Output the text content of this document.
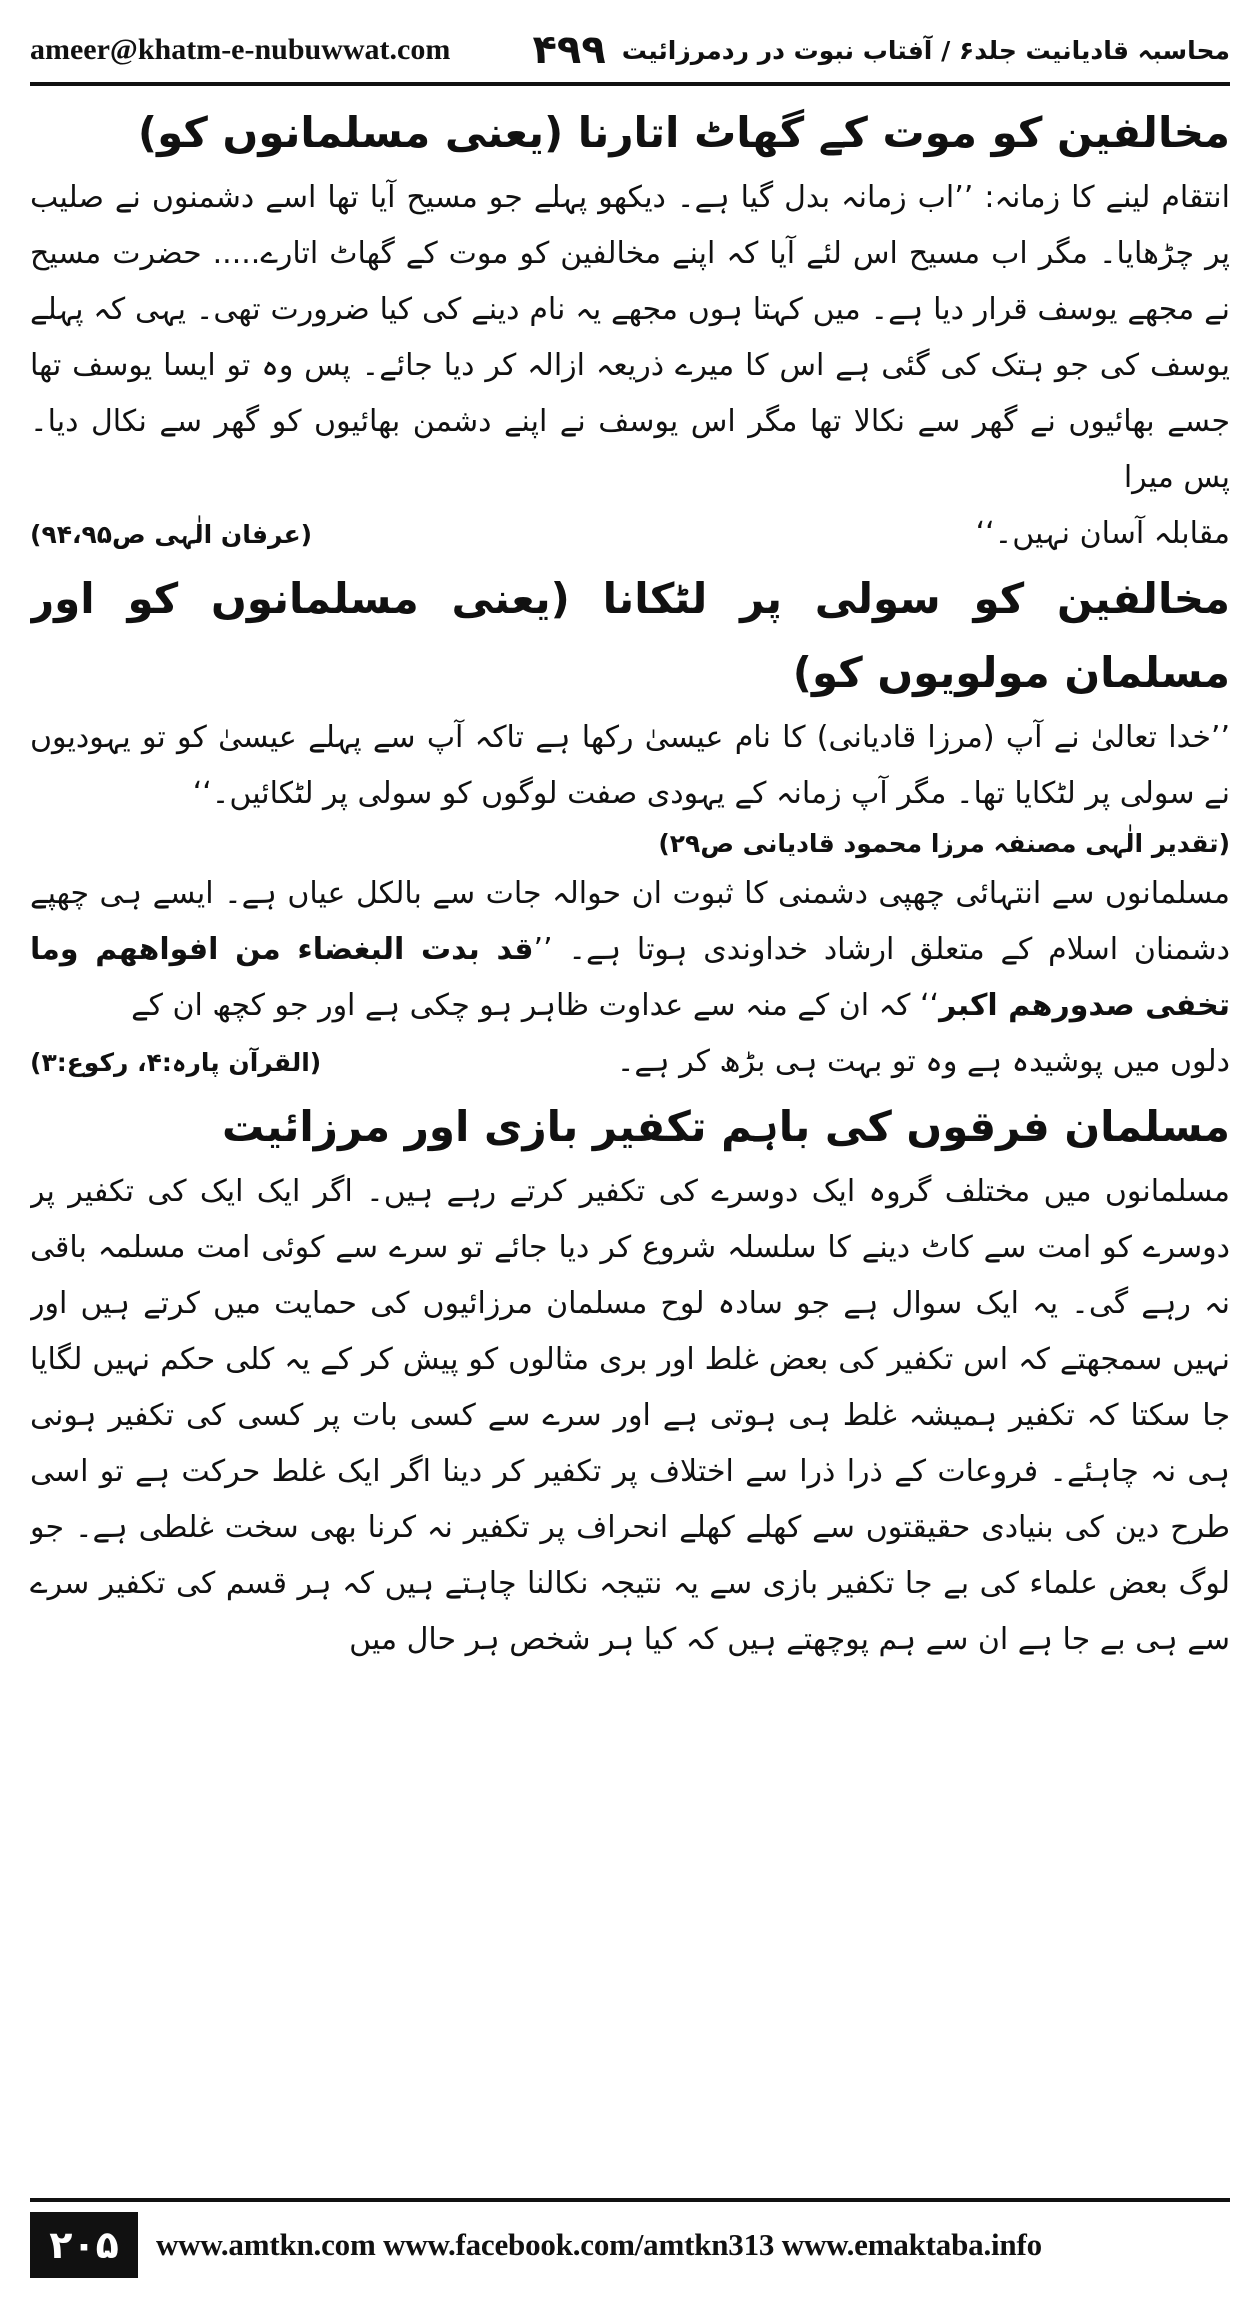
ameer@khatm-e-nubuwwat.com ۴۹۹ محاسبہ قادیانیت جلد۶ / آفتاب نبوت در ردمرزائیت
مخالفین کو موت کے گھاٹ اتارنا (یعنی مسلمانوں کو)

انتقام لینے کا زمانہ: ’’اب زمانہ بدل گیا ہے۔ دیکھو پہلے جو مسیح آیا تھا اسے دشمنوں نے صلیب پر چڑھایا۔ مگر اب مسیح اس لئے آیا کہ اپنے مخالفین کو موت کے گھاٹ اتارے..... حضرت مسیح نے مجھے یوسف قرار دیا ہے۔ میں کہتا ہوں مجھے یہ نام دینے کی کیا ضرورت تھی۔ یہی کہ پہلے یوسف کی جو ہتک کی گئی ہے اس کا میرے ذریعہ ازالہ کر دیا جائے۔ پس وہ تو ایسا یوسف تھا جسے بھائیوں نے گھر سے نکالا تھا مگر اس یوسف نے اپنے دشمن بھائیوں کو گھر سے نکال دیا۔ پس میرا

مقابلہ آسان نہیں۔‘‘
(عرفان الٰہی ص۹۴،۹۵)
مخالفین کو سولی پر لٹکانا (یعنی مسلمانوں کو اور مسلمان مولویوں کو)

’’خدا تعالیٰ نے آپ (مرزا قادیانی) کا نام عیسیٰ رکھا ہے تاکہ آپ سے پہلے عیسیٰ کو تو یہودیوں نے سولی پر لٹکایا تھا۔ مگر آپ زمانہ کے یہودی صفت لوگوں کو سولی پر لٹکائیں۔‘‘

(تقدیر الٰہی مصنفہ مرزا محمود قادیانی ص۲۹)

مسلمانوں سے انتہائی چھپی دشمنی کا ثبوت ان حوالہ جات سے بالکل عیاں ہے۔ ایسے ہی چھپے دشمنان اسلام کے متعلق ارشاد خداوندی ہوتا ہے۔ ’’قد بدت البغضاء من افواههم وما تخفی صدورهم اکبر‘‘ کہ ان کے منہ سے عداوت ظاہر ہو چکی ہے اور جو کچھ ان کے

دلوں میں پوشیدہ ہے وہ تو بہت ہی بڑھ کر ہے۔
(القرآن پارہ:۴، رکوع:۳)
مسلمان فرقوں کی باہم تکفیر بازی اور مرزائیت

مسلمانوں میں مختلف گروہ ایک دوسرے کی تکفیر کرتے رہے ہیں۔ اگر ایک ایک کی تکفیر پر دوسرے کو امت سے کاٹ دینے کا سلسلہ شروع کر دیا جائے تو سرے سے کوئی امت مسلمہ باقی نہ رہے گی۔ یہ ایک سوال ہے جو سادہ لوح مسلمان مرزائیوں کی حمایت میں کرتے ہیں اور نہیں سمجھتے کہ اس تکفیر کی بعض غلط اور بری مثالوں کو پیش کر کے یہ کلی حکم نہیں لگایا جا سکتا کہ تکفیر ہمیشہ غلط ہی ہوتی ہے اور سرے سے کسی بات پر کسی کی تکفیر ہونی ہی نہ چاہئے۔ فروعات کے ذرا ذرا سے اختلاف پر تکفیر کر دینا اگر ایک غلط حرکت ہے تو اسی طرح دین کی بنیادی حقیقتوں سے کھلے کھلے انحراف پر تکفیر نہ کرنا بھی سخت غلطی ہے۔ جو لوگ بعض علماء کی بے جا تکفیر بازی سے یہ نتیجہ نکالنا چاہتے ہیں کہ ہر قسم کی تکفیر سرے سے ہی بے جا ہے ان سے ہم پوچھتے ہیں کہ کیا ہر شخص ہر حال میں

۲۰۵	www.amtkn.com www.facebook.com/amtkn313 www.emaktaba.info
